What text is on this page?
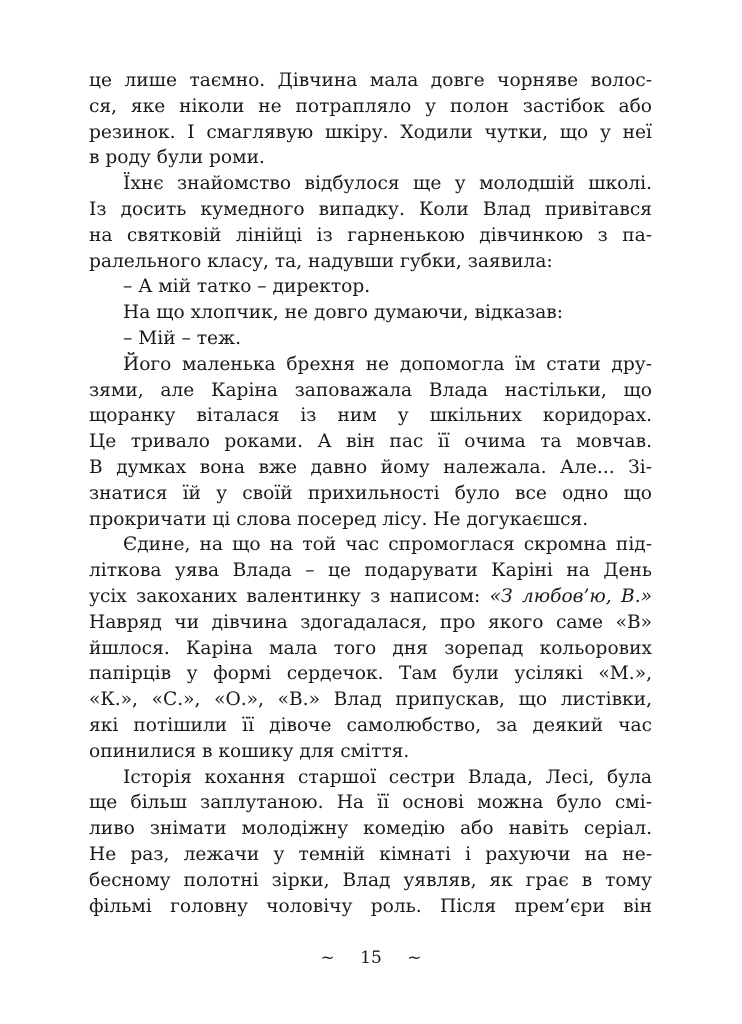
це лише таємно. Дівчина мала довге чорняве волос-
ся, яке ніколи не потрапляло у полон застібок або
резинок. І смаглявую шкіру. Ходили чутки, що у неї
в роду були роми.
Їхнє знайомство відбулося ще у молодшій школі.
Із досить кумедного випадку. Коли Влад привітався
на святковій лінійці із гарненькою дівчинкою з па-
ралельного класу, та, надувши губки, заявила:
– А мій татко – директор.
На що хлопчик, не довго думаючи, відказав:
– Мій – теж.
Його маленька брехня не допомогла їм стати дру-
зями, але Каріна заповажала Влада настільки, що
щоранку віталася із ним у шкільних коридорах.
Це тривало роками. А він пас її очима та мовчав.
В думках вона вже давно йому належала. Але... Зі-
знатися їй у своїй прихильності було все одно що
прокричати ці слова посеред лісу. Не догукаєшся.
Єдине, на що на той час спромоглася скромна під-
літкова уява Влада – це подарувати Каріні на День
усіх закоханих валентинку з написом: «З любов’ю, В.»
Навряд чи дівчина здогадалася, про якого саме «В»
йшлося. Каріна мала того дня зорепад кольорових
папірців у формі сердечок. Там були усілякі «М.»,
«К.», «С.», «О.», «В.» Влад припускав, що листівки,
які потішили її дівоче самолюбство, за деякий час
опинилися в кошику для сміття.
Історія кохання старшої сестри Влада, Лесі, була
ще більш заплутаною. На її основі можна було смі-
ливо знімати молодіжну комедію або навіть серіал.
Не раз, лежачи у темній кімнаті і рахуючи на не-
бесному полотні зірки, Влад уявляв, як грає в тому
фільмі головну чоловічу роль. Після прем’єри він
~ 15 ~
